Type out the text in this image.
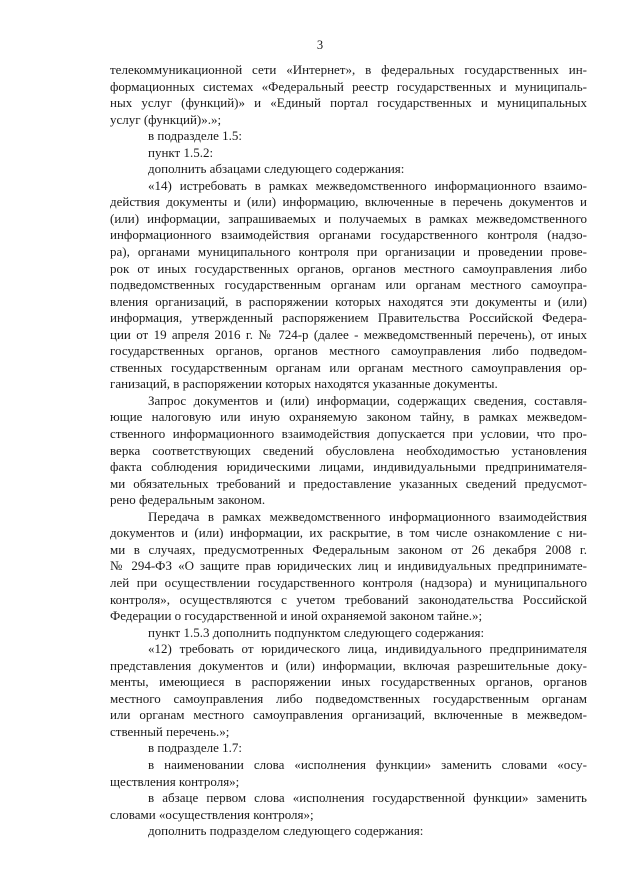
3
телекоммуникационной сети «Интернет», в федеральных государственных ин-
формационных системах «Федеральный реестр государственных и муниципаль-
ных услуг (функций)» и «Единый портал государственных и муниципальных
услуг (функций)».»;
в подразделе 1.5:
пункт 1.5.2:
дополнить абзацами следующего содержания:
«14) истребовать в рамках межведомственного информационного взаимо-
действия документы и (или) информацию, включенные в перечень документов и
(или) информации, запрашиваемых и получаемых в рамках межведомственного
информационного взаимодействия органами государственного контроля (надзо-
ра), органами муниципального контроля при организации и проведении прове-
рок от иных государственных органов, органов местного самоуправления либо
подведомственных государственным органам или органам местного самоупра-
вления организаций, в распоряжении которых находятся эти документы и (или)
информация, утвержденный распоряжением Правительства Российской Федера-
ции от 19 апреля 2016 г. № 724-р (далее - межведомственный перечень), от иных
государственных органов, органов местного самоуправления либо подведом-
ственных государственным органам или органам местного самоуправления ор-
ганизаций, в распоряжении которых находятся указанные документы.
Запрос документов и (или) информации, содержащих сведения, составля-
ющие налоговую или иную охраняемую законом тайну, в рамках межведом-
ственного информационного взаимодействия допускается при условии, что про-
верка соответствующих сведений обусловлена необходимостью установления
факта соблюдения юридическими лицами, индивидуальными предпринимателя-
ми обязательных требований и предоставление указанных сведений предусмот-
рено федеральным законом.
Передача в рамках межведомственного информационного взаимодействия
документов и (или) информации, их раскрытие, в том числе ознакомление с ни-
ми в случаях, предусмотренных Федеральным законом от 26 декабря 2008 г.
№ 294-ФЗ «О защите прав юридических лиц и индивидуальных предпринимате-
лей при осуществлении государственного контроля (надзора) и муниципального
контроля», осуществляются с учетом требований законодательства Российской
Федерации о государственной и иной охраняемой законом тайне.»;
пункт 1.5.3 дополнить подпунктом следующего содержания:
«12) требовать от юридического лица, индивидуального предпринимателя
представления документов и (или) информации, включая разрешительные доку-
менты, имеющиеся в распоряжении иных государственных органов, органов
местного самоуправления либо подведомственных государственным органам
или органам местного самоуправления организаций, включенные в межведом-
ственный перечень.»;
в подразделе 1.7:
в наименовании слова «исполнения функции» заменить словами «осу-
ществления контроля»;
в абзаце первом слова «исполнения государственной функции» заменить
словами «осуществления контроля»;
дополнить подразделом следующего содержания:
